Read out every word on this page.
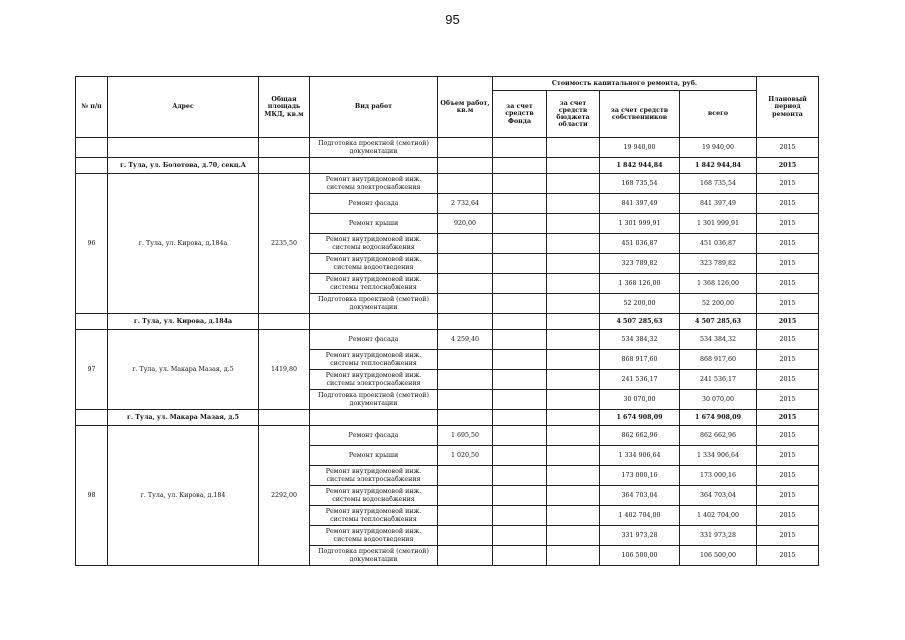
95
№ п/п	Адрес	Общая площадь МКД, кв.м	Вид работ	Объем работ, кв.м	Стоимость капитального ремонта, руб.				Плановый период ремонта
					за счет средств Фонда	за счет средств бюджета области	за счет средств собственников	всего	
			Подготовка проектной (сметной) документации				19 940,00	19 940,00	2015
	г. Тула, ул. Болотова, д.70, секц.А						1 842 944,84	1 842 944,84	2015
96	г. Тула, ул. Кирова, д.184а	2235,50	Ремонт внутридомовой инж. системы электроснабжения				168 735,54	168 735,54	2015
			Ремонт фасада	2 732,64			841 397,49	841 397,49	2015
			Ремонт крыши	920,00			1 301 999,91	1 301 999,91	2015
			Ремонт внутридомовой инж. системы водоснабжения				451 036,87	451 036,87	2015
			Ремонт внутридомовой инж. системы водоотведения				323 789,82	323 789,82	2015
			Ремонт внутридомовой инж. системы теплоснабжения				1 368 126,00	1 368 126,00	2015
			Подготовка проектной (сметной) документации				52 200,00	52 200,00	2015
	г. Тула, ул. Кирова, д.184а						4 507 285,63	4 507 285,63	2015
97	г. Тула, ул. Макара Мазая, д.5	1419,80	Ремонт фасада	4 259,40			534 384,32	534 384,32	2015
			Ремонт внутридомовой инж. системы теплоснабжения				868 917,60	868 917,60	2015
			Ремонт внутридомовой инж. системы электроснабжения				241 536,17	241 536,17	2015
			Подготовка проектной (сметной) документации				30 070,00	30 070,00	2015
	г. Тула, ул. Макара Мазая, д.5						1 674 908,09	1 674 908,09	2015
98	г. Тула, ул. Кирова, д.184	2292,00	Ремонт фасада	1 695,50			862 662,96	862 662,96	2015
			Ремонт крыши	1 020,50			1 334 906,64	1 334 906,64	2015
			Ремонт внутридомовой инж. системы электроснабжения				173 000,16	173 000,16	2015
			Ремонт внутридомовой инж. системы водоснабжения				364 703,04	364 703,04	2015
			Ремонт внутридомовой инж. системы теплоснабжения				1 402 704,00	1 402 704,00	2015
			Ремонт внутридомовой инж. системы водоотведения				331 973,28	331 973,28	2015
			Подготовка проектной (сметной) документации				106 500,00	106 500,00	2015
